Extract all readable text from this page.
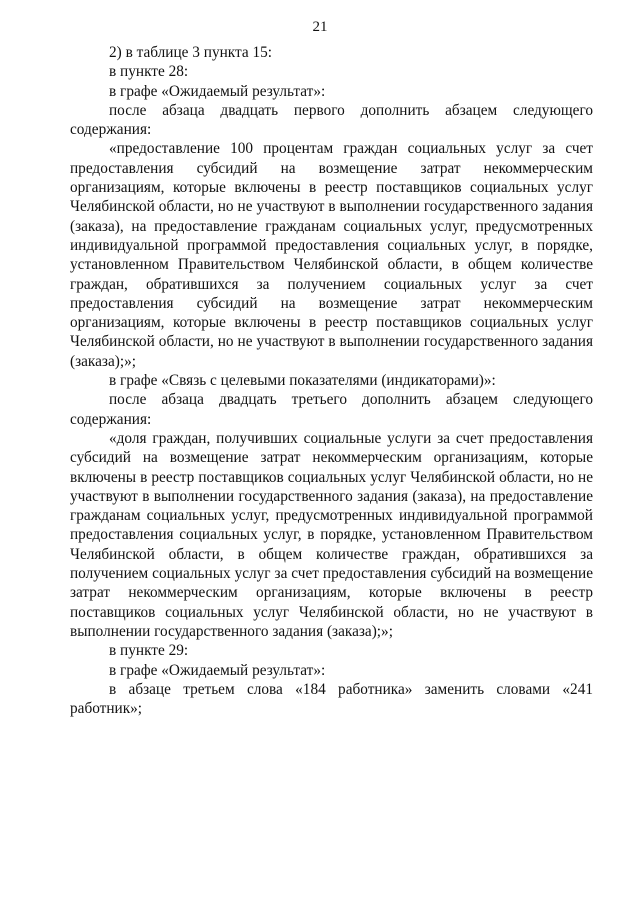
21

2) в таблице 3 пункта 15:

в пункте 28:

в графе «Ожидаемый результат»:

после абзаца двадцать первого дополнить абзацем следующего содержания:

«предоставление 100 процентам граждан социальных услуг за счет предоставления субсидий на возмещение затрат некоммерческим организациям, которые включены в реестр поставщиков социальных услуг Челябинской области, но не участвуют в выполнении государственного задания (заказа), на предоставление гражданам социальных услуг, предусмотренных индивидуальной программой предоставления социальных услуг, в порядке, установленном Правительством Челябинской области, в общем количестве граждан, обратившихся за получением социальных услуг за счет предоставления субсидий на возмещение затрат некоммерческим организациям, которые включены в реестр поставщиков социальных услуг Челябинской области, но не участвуют в выполнении государственного задания (заказа);»;

в графе «Связь с целевыми показателями (индикаторами)»:

после абзаца двадцать третьего дополнить абзацем следующего содержания:

«доля граждан, получивших социальные услуги за счет предоставления субсидий на возмещение затрат некоммерческим организациям, которые включены в реестр поставщиков социальных услуг Челябинской области, но не участвуют в выполнении государственного задания (заказа), на предоставление гражданам социальных услуг, предусмотренных индивидуальной программой предоставления социальных услуг, в порядке, установленном Правительством Челябинской области, в общем количестве граждан, обратившихся за получением социальных услуг за счет предоставления субсидий на возмещение затрат некоммерческим организациям, которые включены в реестр поставщиков социальных услуг Челябинской области, но не участвуют в выполнении государственного задания (заказа);»;

в пункте 29:

в графе «Ожидаемый результат»:

в абзаце третьем слова «184 работника» заменить словами «241 работник»;
